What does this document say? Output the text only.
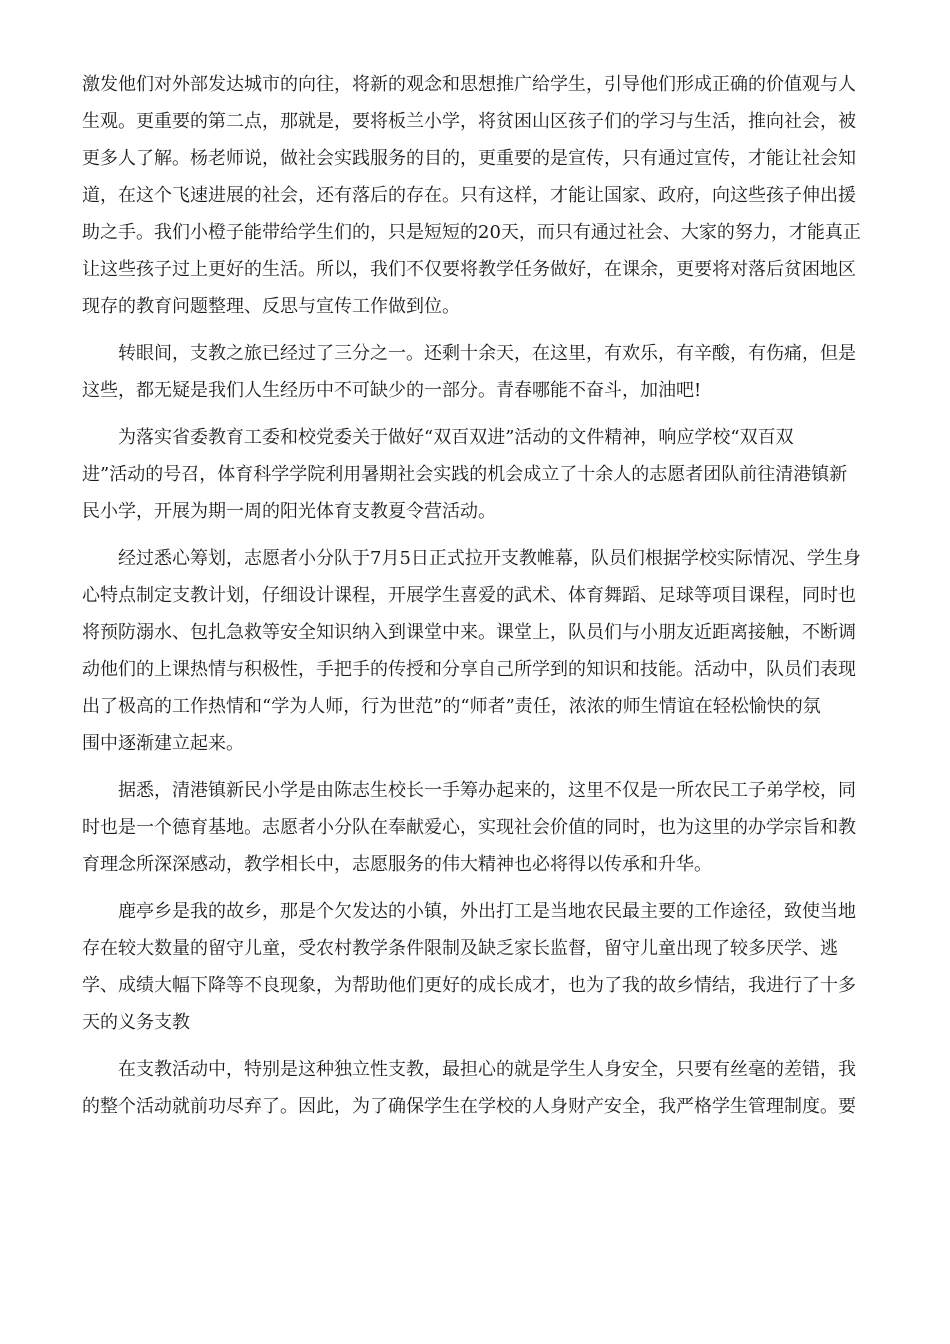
激发他们对外部发达城市的向往，将新的观念和思想推广给学生，引导他们形成正确的价值观与人
生观。更重要的第二点，那就是，要将板兰小学，将贫困山区孩子们的学习与生活，推向社会，被
更多人了解。杨老师说，做社会实践服务的目的，更重要的是宣传，只有通过宣传，才能让社会知
道，在这个飞速进展的社会，还有落后的存在。只有这样，才能让国家、政府，向这些孩子伸出援
助之手。我们小橙子能带给学生们的，只是短短的20天，而只有通过社会、大家的努力，才能真正
让这些孩子过上更好的生活。所以，我们不仅要将教学任务做好，在课余，更要将对落后贫困地区
现存的教育问题整理、反思与宣传工作做到位。
转眼间，支教之旅已经过了三分之一。还剩十余天，在这里，有欢乐，有辛酸，有伤痛，但是
这些，都无疑是我们人生经历中不可缺少的一部分。青春哪能不奋斗，加油吧!
为落实省委教育工委和校党委关于做好“双百双进”活动的文件精神，响应学校“双百双
进”活动的号召，体育科学学院利用暑期社会实践的机会成立了十余人的志愿者团队前往清港镇新
民小学，开展为期一周的阳光体育支教夏令营活动。
经过悉心筹划，志愿者小分队于7月5日正式拉开支教帷幕，队员们根据学校实际情况、学生身
心特点制定支教计划，仔细设计课程，开展学生喜爱的武术、体育舞蹈、足球等项目课程，同时也
将预防溺水、包扎急救等安全知识纳入到课堂中来。课堂上，队员们与小朋友近距离接触，不断调
动他们的上课热情与积极性，手把手的传授和分享自己所学到的知识和技能。活动中，队员们表现
出了极高的工作热情和“学为人师，行为世范”的“师者”责任，浓浓的师生情谊在轻松愉快的氛
围中逐渐建立起来。
据悉，清港镇新民小学是由陈志生校长一手筹办起来的，这里不仅是一所农民工子弟学校，同
时也是一个德育基地。志愿者小分队在奉献爱心，实现社会价值的同时，也为这里的办学宗旨和教
育理念所深深感动，教学相长中，志愿服务的伟大精神也必将得以传承和升华。
鹿亭乡是我的故乡，那是个欠发达的小镇，外出打工是当地农民最主要的工作途径，致使当地
存在较大数量的留守儿童，受农村教学条件限制及缺乏家长监督，留守儿童出现了较多厌学、逃
学、成绩大幅下降等不良现象，为帮助他们更好的成长成才，也为了我的故乡情结，我进行了十多
天的义务支教
在支教活动中，特别是这种独立性支教，最担心的就是学生人身安全，只要有丝毫的差错，我
的整个活动就前功尽弃了。因此，为了确保学生在学校的人身财产安全，我严格学生管理制度。要
